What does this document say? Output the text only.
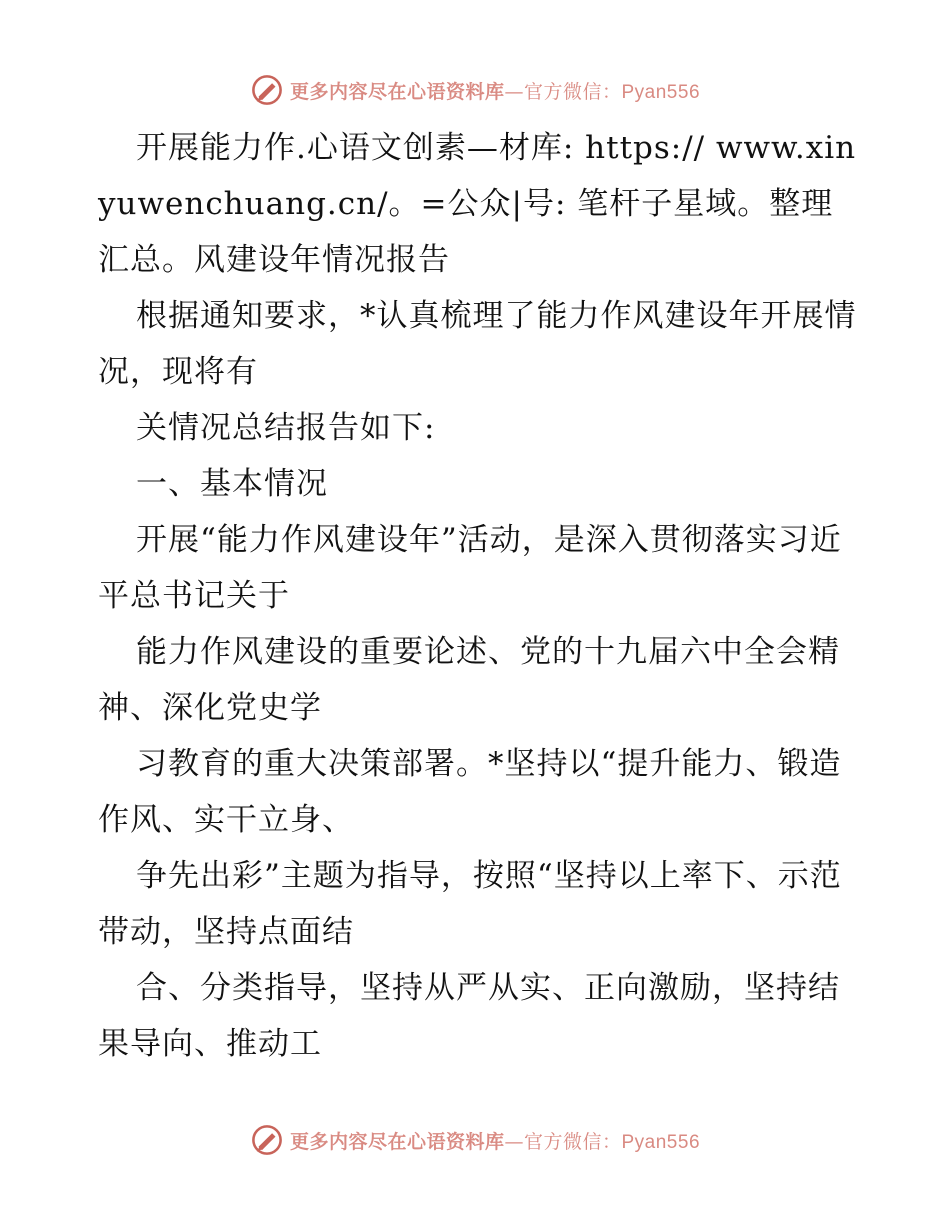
更多内容尽在心语资料库—官方微信：Pyan556

开展能力作.心语文创素—材库: https:// www.xinyuwenchuang.cn/。=公众|号: 笔杆子星域。整理汇总。风建设年情况报告

根据通知要求，*认真梳理了能力作风建设年开展情况，现将有

关情况总结报告如下:

一、基本情况

开展“能力作风建设年”活动，是深入贯彻落实习近平总书记关于

能力作风建设的重要论述、党的十九届六中全会精神、深化党史学

习教育的重大决策部署。*坚持以“提升能力、锻造作风、实干立身、

争先出彩”主题为指导，按照“坚持以上率下、示范带动，坚持点面结

合、分类指导，坚持从严从实、正向激励，坚持结果导向、推动工

更多内容尽在心语资料库—官方微信：Pyan556
